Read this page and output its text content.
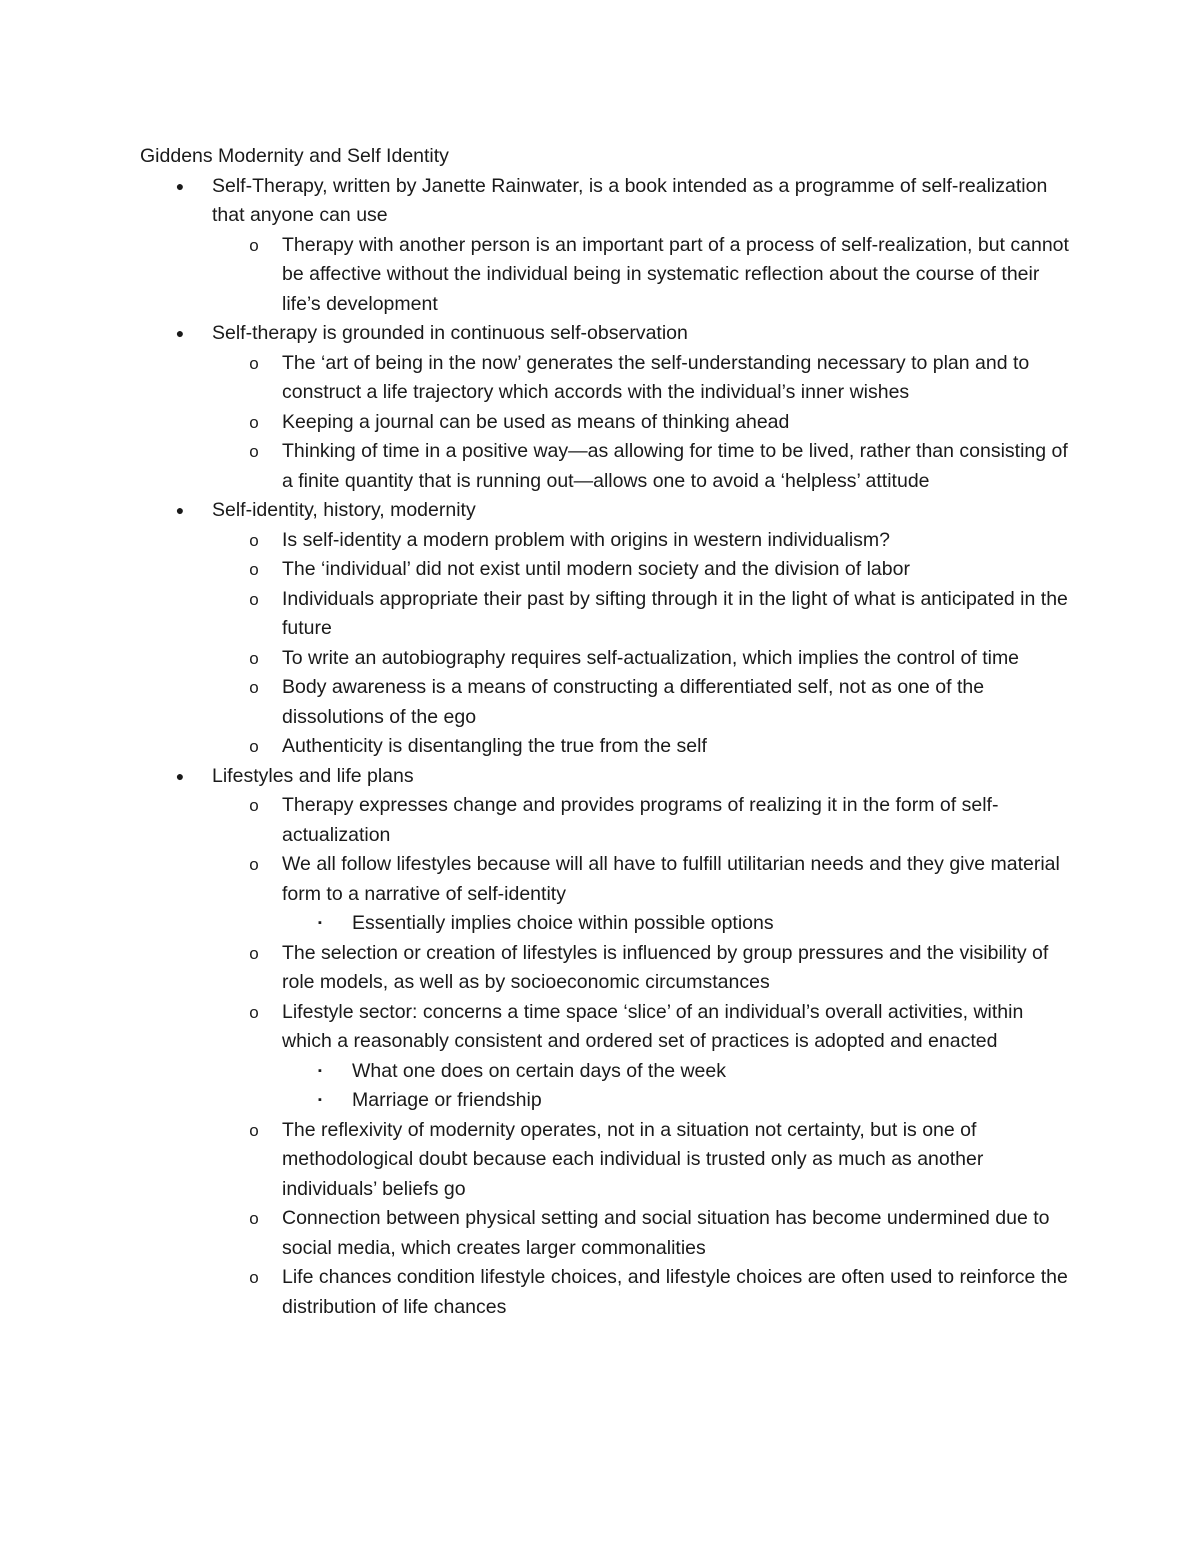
Giddens Modernity and Self Identity
● Self-Therapy, written by Janette Rainwater, is a book intended as a programme of self-realization that anyone can use
o Therapy with another person is an important part of a process of self-realization, but cannot be affective without the individual being in systematic reflection about the course of their life’s development
● Self-therapy is grounded in continuous self-observation
o The ‘art of being in the now’ generates the self-understanding necessary to plan and to construct a life trajectory which accords with the individual’s inner wishes
o Keeping a journal can be used as means of thinking ahead
o Thinking of time in a positive way—as allowing for time to be lived, rather than consisting of a finite quantity that is running out—allows one to avoid a ‘helpless’ attitude
● Self-identity, history, modernity
o Is self-identity a modern problem with origins in western individualism?
o The ‘individual’ did not exist until modern society and the division of labor
o Individuals appropriate their past by sifting through it in the light of what is anticipated in the future
o To write an autobiography requires self-actualization, which implies the control of time
o Body awareness is a means of constructing a differentiated self, not as one of the dissolutions of the ego
o Authenticity is disentangling the true from the self
● Lifestyles and life plans
o Therapy expresses change and provides programs of realizing it in the form of self-actualization
o We all follow lifestyles because will all have to fulfill utilitarian needs and they give material form to a narrative of self-identity
▪	Essentially implies choice within possible options
o The selection or creation of lifestyles is influenced by group pressures and the visibility of role models, as well as by socioeconomic circumstances
o Lifestyle sector: concerns a time space ‘slice’ of an individual’s overall activities, within which a reasonably consistent and ordered set of practices is adopted and enacted
▪	What one does on certain days of the week
▪	Marriage or friendship
o The reflexivity of modernity operates, not in a situation not certainty, but is one of methodological doubt because each individual is trusted only as much as another individuals’ beliefs go
o Connection between physical setting and social situation has become undermined due to social media, which creates larger commonalities
o Life chances condition lifestyle choices, and lifestyle choices are often used to reinforce the distribution of life chances
